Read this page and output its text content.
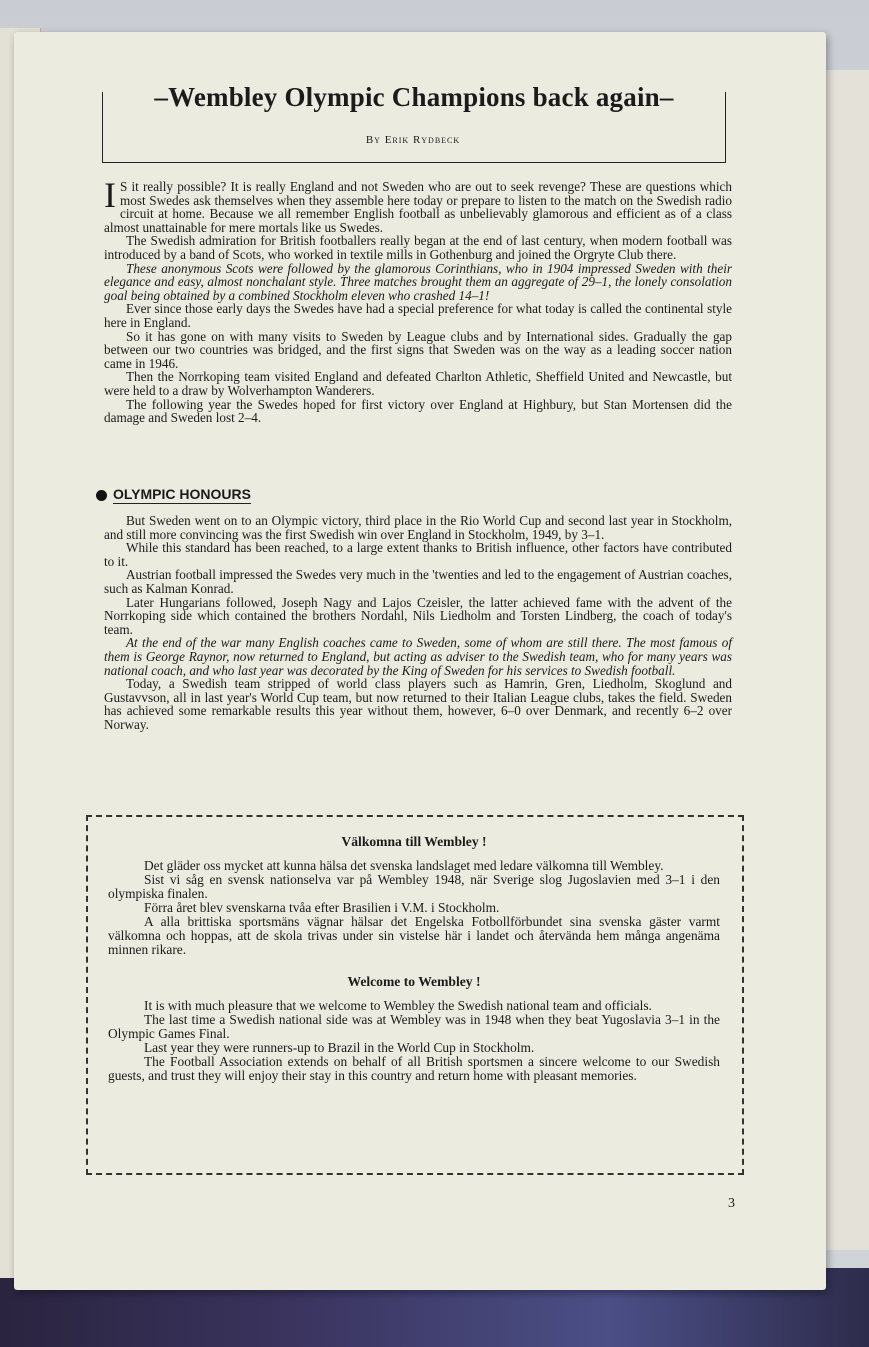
–Wembley Olympic Champions back again–
By Erik Rydbeck

I S it really possible? It is really England and not Sweden who are out to seek revenge? These are questions which most Swedes ask themselves when they assemble here today or prepare to listen to the match on the Swedish radio circuit at home. Because we all remember English football as unbelievably glamorous and efficient as of a class almost unattainable for mere mortals like us Swedes.

The Swedish admiration for British footballers really began at the end of last century, when modern football was introduced by a band of Scots, who worked in textile mills in Gothenburg and joined the Orgryte Club there.

These anonymous Scots were followed by the glamorous Corinthians, who in 1904 impressed Sweden with their elegance and easy, almost nonchalant style. Three matches brought them an aggregate of 29–1, the lonely consolation goal being obtained by a combined Stockholm eleven who crashed 14–1!

Ever since those early days the Swedes have had a special preference for what today is called the continental style here in England.

So it has gone on with many visits to Sweden by League clubs and by International sides. Gradually the gap between our two countries was bridged, and the first signs that Sweden was on the way as a leading soccer nation came in 1946.

Then the Norrkoping team visited England and defeated Charlton Athletic, Sheffield United and Newcastle, but were held to a draw by Wolverhampton Wanderers.

The following year the Swedes hoped for first victory over England at Highbury, but Stan Mortensen did the damage and Sweden lost 2–4.

OLYMPIC HONOURS

But Sweden went on to an Olympic victory, third place in the Rio World Cup and second last year in Stockholm, and still more convincing was the first Swedish win over England in Stockholm, 1949, by 3–1.

While this standard has been reached, to a large extent thanks to British influence, other factors have contributed to it.

Austrian football impressed the Swedes very much in the 'twenties and led to the engagement of Austrian coaches, such as Kalman Konrad.

Later Hungarians followed, Joseph Nagy and Lajos Czeisler, the latter achieved fame with the advent of the Norrkoping side which contained the brothers Nordahl, Nils Liedholm and Torsten Lindberg, the coach of today's team.

At the end of the war many English coaches came to Sweden, some of whom are still there. The most famous of them is George Raynor, now returned to England, but acting as adviser to the Swedish team, who for many years was national coach, and who last year was decorated by the King of Sweden for his services to Swedish football.

Today, a Swedish team stripped of world class players such as Hamrin, Gren, Liedholm, Skoglund and Gustavvson, all in last year's World Cup team, but now returned to their Italian League clubs, takes the field. Sweden has achieved some remarkable results this year without them, however, 6–0 over Denmark, and recently 6–2 over Norway.

Välkomna till Wembley !

Det gläder oss mycket att kunna hälsa det svenska landslaget med ledare välkomna till Wembley.

Sist vi såg en svensk nationselva var på Wembley 1948, när Sverige slog Jugoslavien med 3–1 i den olympiska finalen.

Förra året blev svenskarna tvåa efter Brasilien i V.M. i Stockholm.

A alla brittiska sportsmäns vägnar hälsar det Engelska Fotbollförbundet sina svenska gäster varmt välkomna och hoppas, att de skola trivas under sin vistelse här i landet och återvända hem många angenäma minnen rikare.

Welcome to Wembley !

It is with much pleasure that we welcome to Wembley the Swedish national team and officials.

The last time a Swedish national side was at Wembley was in 1948 when they beat Yugoslavia 3–1 in the Olympic Games Final.

Last year they were runners-up to Brazil in the World Cup in Stockholm.

The Football Association extends on behalf of all British sportsmen a sincere welcome to our Swedish guests, and trust they will enjoy their stay in this country and return home with pleasant memories.

3
